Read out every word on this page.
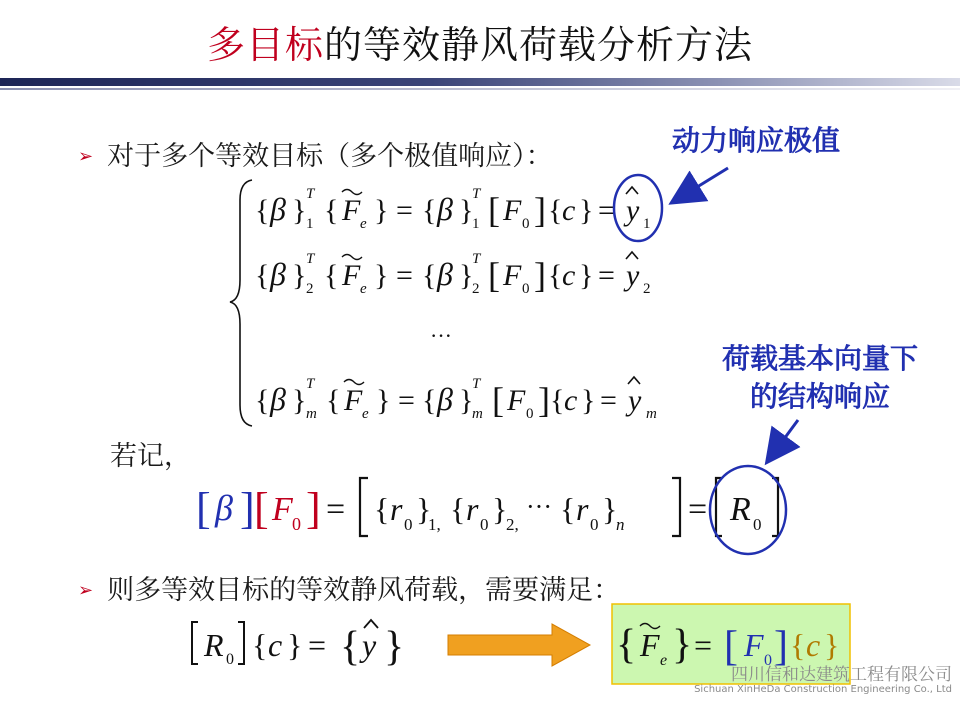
多目标的等效静风荷载分析方法
➢ 对于多个等效目标（多个极值响应）：	动力响应极值
荷载基本向量下
的结构响应
{ β } T
1 { F e } = { β }
T
1 [ F 0 ] { c } = y 1
{ β } T
2 { F e } = { β }
T
2 [ F 0 ] { c } = y 2
···
{ β } T
m { F e } = { β }
T
m [ F 0 ] { c } = y m
[ β ] [ F 0 ] = { r 0 }
1, { r 0 }
2,
··· { r 0 }
n = R 0
R 0 { c } = { y }	{ F e } = [ F 0 ] { c }
若记，
➢ 则多等效目标的等效静风荷载，需要满足：
四川信和达建筑工程有限公司
Sichuan XinHeDa Construction Engineering Co., Ltd
